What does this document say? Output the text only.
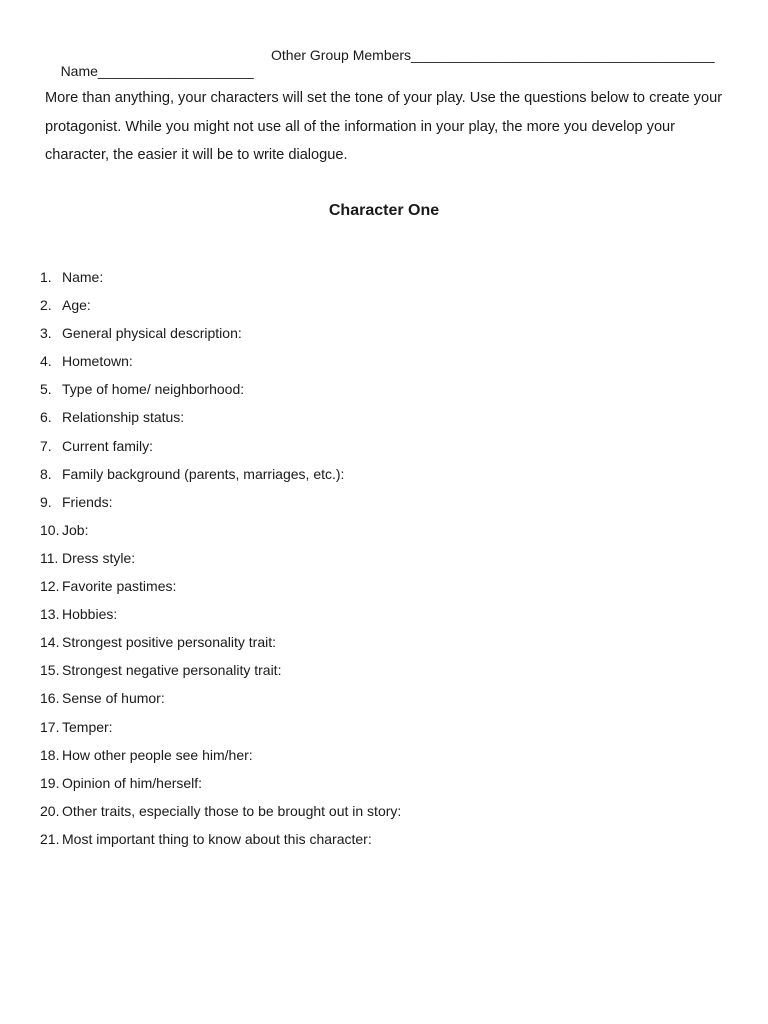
Name____________________

Other Group Members_______________________________________

More than anything, your characters will set the tone of your play. Use the questions below to create your protagonist. While you might not use all of the information in your play, the more you develop your character, the easier it will be to write dialogue.

Character One
1. Name:
2. Age:
3. General physical description:
4. Hometown:
5. Type of home/ neighborhood:
6. Relationship status:
7. Current family:
8. Family background (parents, marriages, etc.):
9. Friends:
10. Job:
11. Dress style:
12. Favorite pastimes:
13. Hobbies:
14. Strongest positive personality trait:
15. Strongest negative personality trait:
16. Sense of humor:
17. Temper:
18. How other people see him/her:
19. Opinion of him/herself:
20. Other traits, especially those to be brought out in story:
21. Most important thing to know about this character:
